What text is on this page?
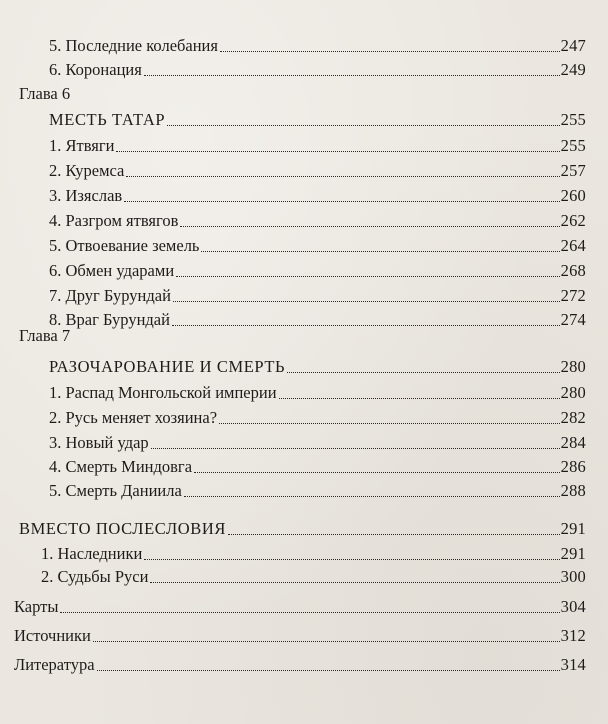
5. Последние колебания	247
6. Коронация	249
Глава 6
МЕСТЬ ТАТАР	255
1. Ятвяги	255
2. Куремса	257
3. Изяслав	260
4. Разгром ятвягов	262
5. Отвоевание земель	264
6. Обмен ударами	268
7. Друг Бурундай	272
8. Враг Бурундай	274
Глава 7
РАЗОЧАРОВАНИЕ И СМЕРТЬ	280
1. Распад Монгольской империи	280
2. Русь меняет хозяина?	282
3. Новый удар	284
4. Смерть Миндовга	286
5. Смерть Даниила	288
ВМЕСТО ПОСЛЕСЛОВИЯ	291
1. Наследники	291
2. Судьбы Руси	300
Карты	304
Источники	312
Литература	314
